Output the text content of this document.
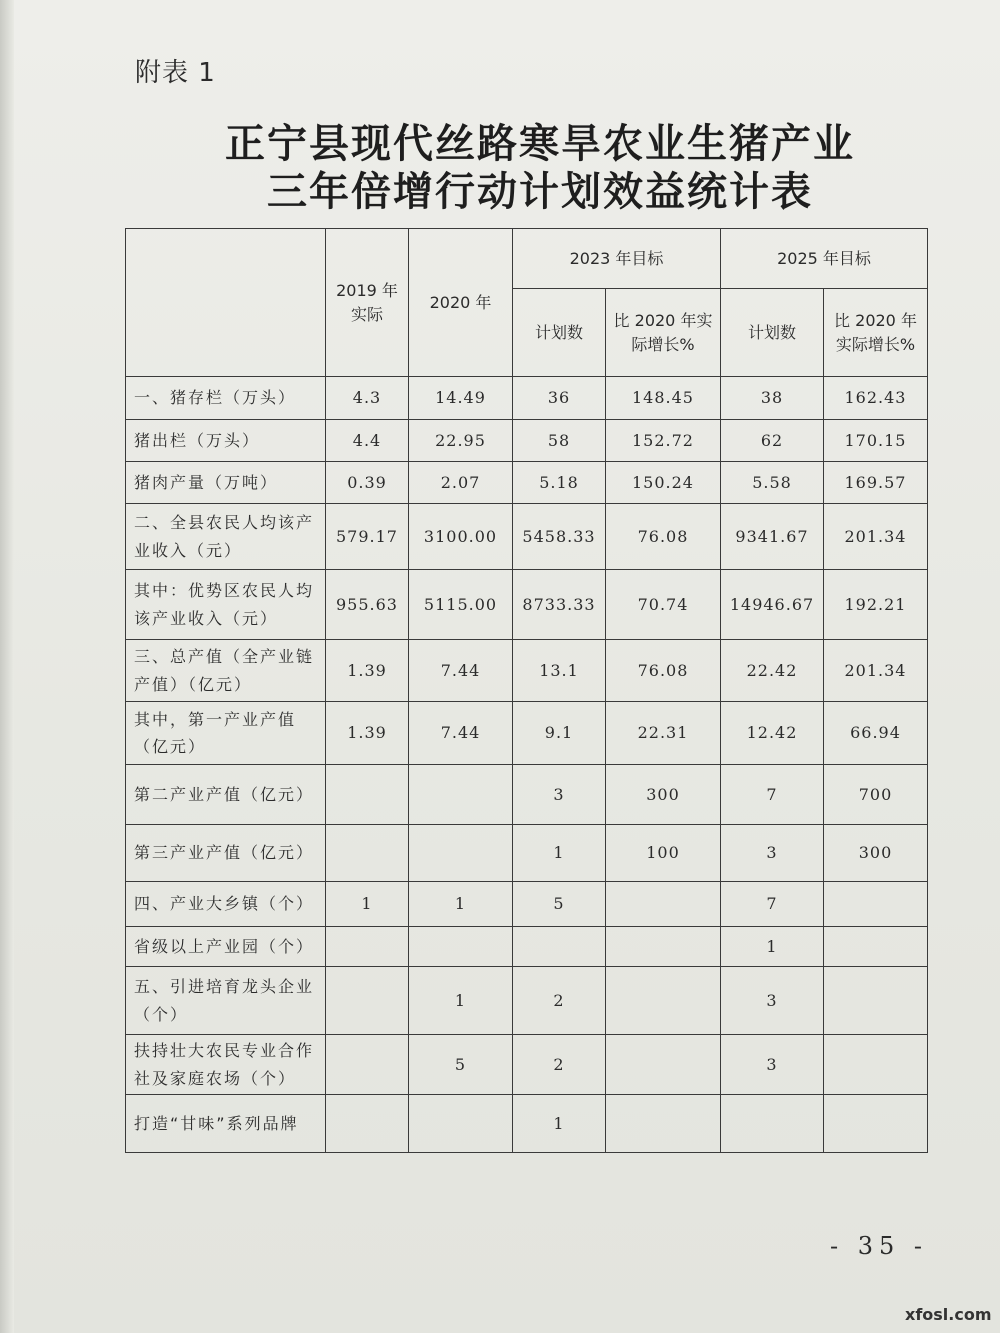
附表 1
正宁县现代丝路寒旱农业生猪产业
三年倍增行动计划效益统计表
	2019 年实际	2020 年	2023 年目标		2025 年目标	
			计划数	比 2020 年实际增长%	计划数	比 2020 年实际增长%
一、猪存栏（万头）	4.3	14.49	36	148.45	38	162.43
猪出栏（万头）	4.4	22.95	58	152.72	62	170.15
猪肉产量（万吨）	0.39	2.07	5.18	150.24	5.58	169.57
二、全县农民人均该产业收入（元）	579.17	3100.00	5458.33	76.08	9341.67	201.34
其中：优势区农民人均该产业收入（元）	955.63	5115.00	8733.33	70.74	14946.67	192.21
三、总产值（全产业链产值）（亿元）	1.39	7.44	13.1	76.08	22.42	201.34
其中，第一产业产值（亿元）	1.39	7.44	9.1	22.31	12.42	66.94
第二产业产值（亿元）			3	300	7	700
第三产业产值（亿元）			1	100	3	300
四、产业大乡镇（个）	1	1	5		7	
省级以上产业园（个）					1	
五、引进培育龙头企业（个）		1	2		3	
扶持壮大农民专业合作社及家庭农场（个）		5	2		3	
打造“甘味”系列品牌			1			
- 35 -
xfosl.com
